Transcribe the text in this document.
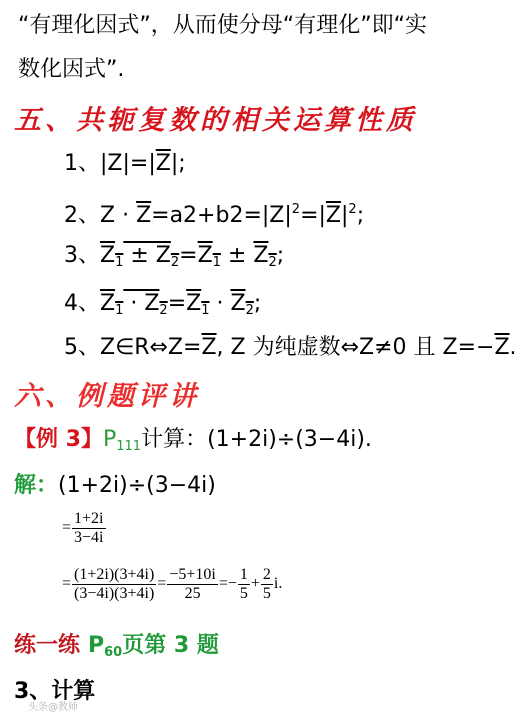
“有理化因式”，从而使分母“有理化”即“实
数化因式”.
五、共轭复数的相关运算性质
1、$|Z|=|\overline{Z}|$;
2、$Z \cdot \overline{Z}=a2+b2=|Z|^2=|\overline{Z}|^2$;
3、$Z_1 \pm Z_2=Z_1 \pm Z_2$;
4、$Z_1 \cdot Z_2=Z_1 \cdot Z_2$;
5、$Z\in R\Leftrightarrow Z=\overline{Z}$, Z 为纯虚数⇔Z≠0 且 $Z=-\overline{Z}$.
六、例题评讲
【例 3】$P_{111}$计算：(1+2i)÷(3−4i).
解：(1+2i)÷(3−4i)
= $\frac{1+2i}{3-4i}$
= $\frac{(1+2i)(3+4i)}{(3-4i)(3+4i)} = \frac{-5+10i}{25} =- \frac{1}{5} + \frac{2}{5} i$.
练一练 $P_{60}$页第 3 题
3、计算
头条@教师
